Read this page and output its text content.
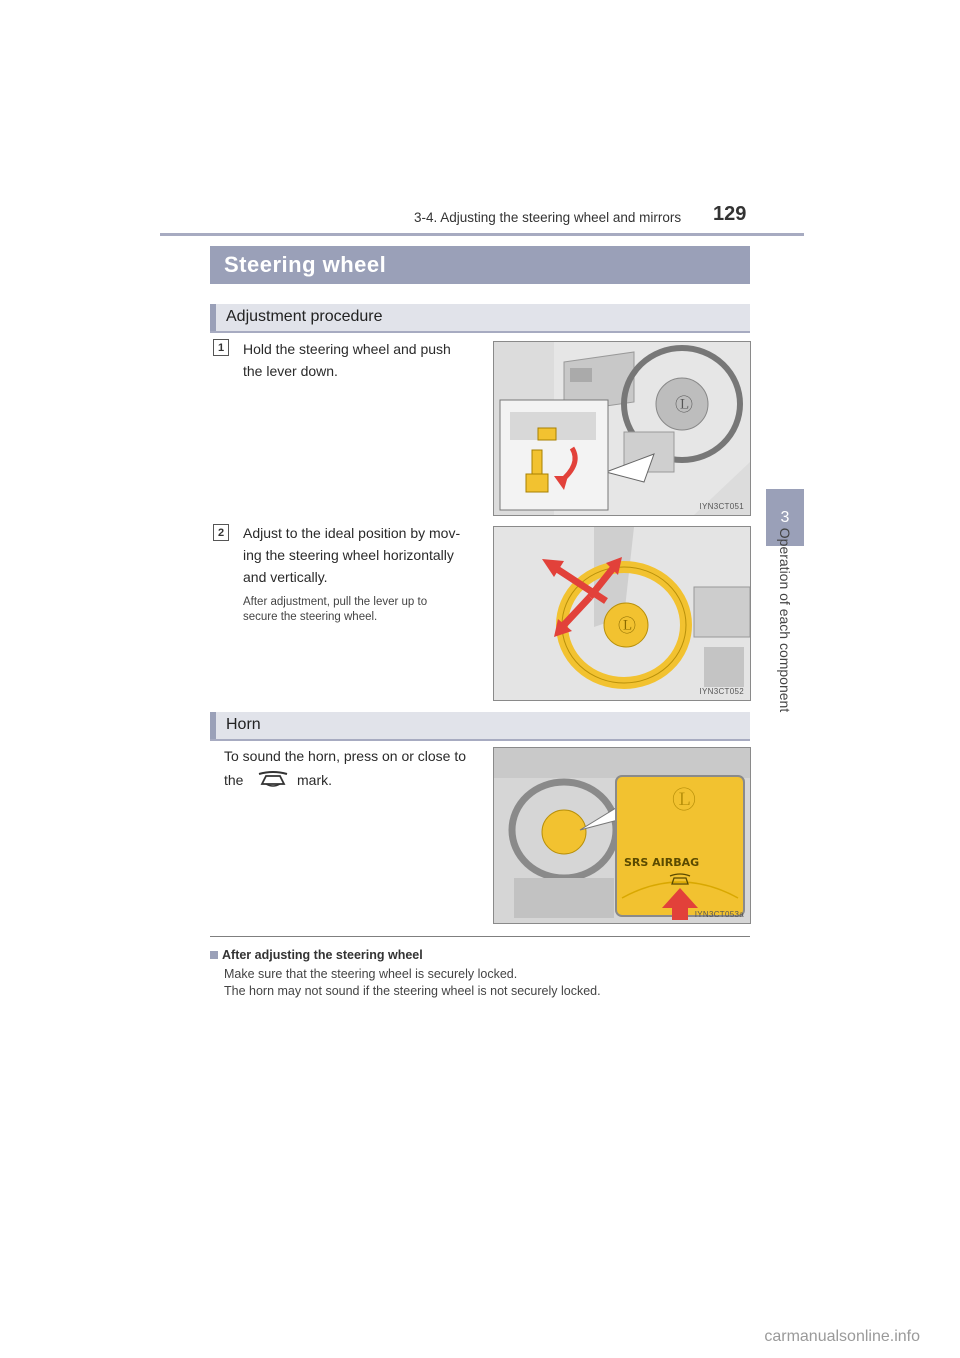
3-4. Adjusting the steering wheel and mirrors 129
3
Operation of each component
Steering wheel
Adjustment procedure
1	Hold the steering wheel and push
the lever down.
Ⓛ
IYN3CT051
2	Adjust to the ideal position by mov-
ing the steering wheel horizontally
and vertically.
After adjustment, pull the lever up to
secure the steering wheel.	Ⓛ
IYN3CT052
Horn
To sound the horn, press on or close to
the	mark.
SRS AIRBAG
Ⓛ
IYN3CT053a
After adjusting the steering wheel
Make sure that the steering wheel is securely locked.
The horn may not sound if the steering wheel is not securely locked.
carmanualsonline.info
